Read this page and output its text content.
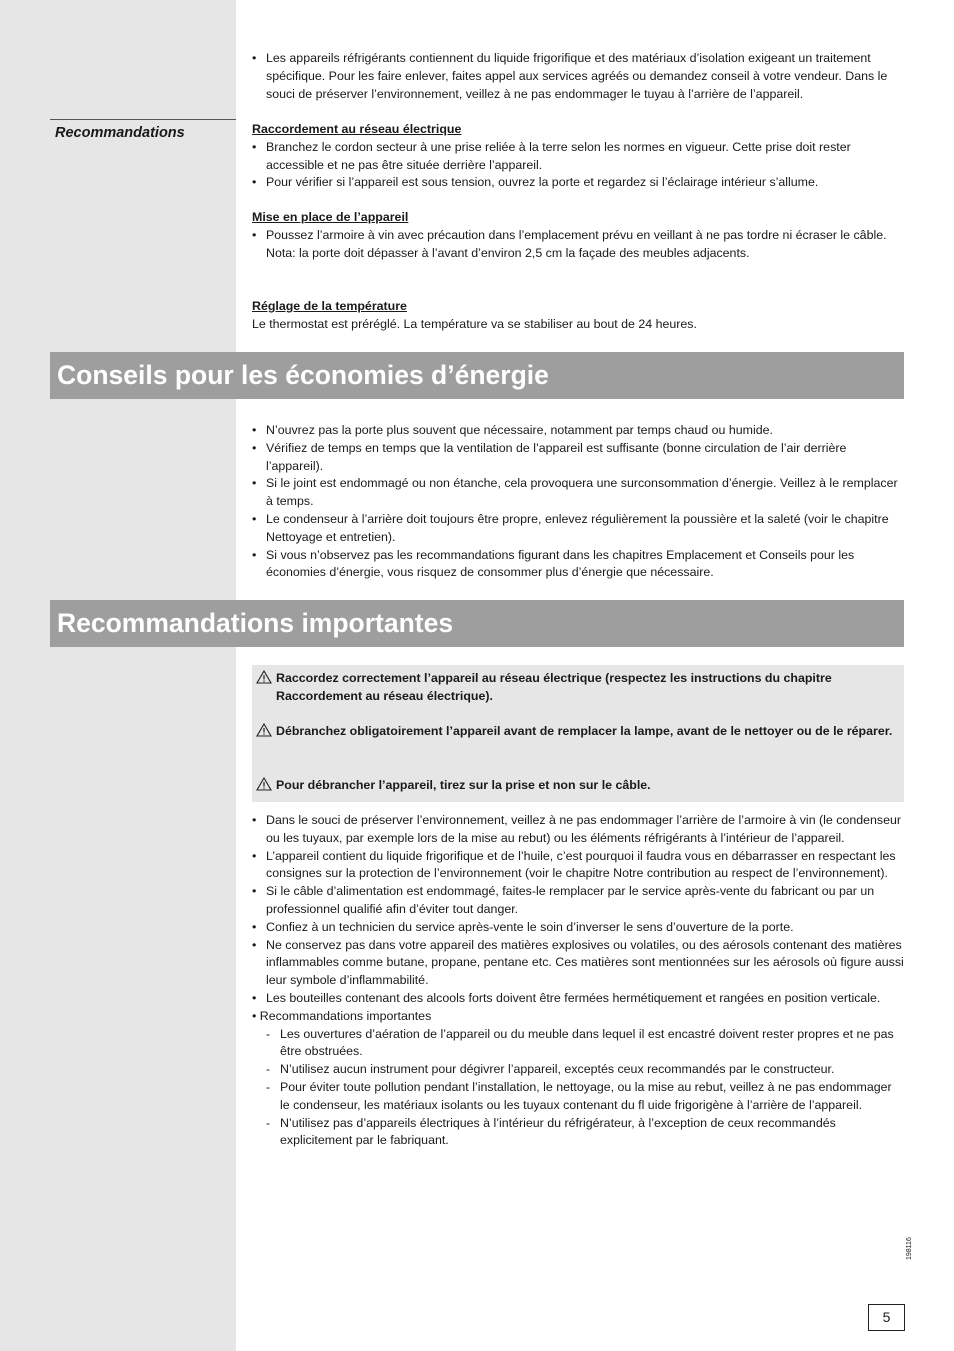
• Les appareils réfrigérants contiennent du liquide frigorifique et des matériaux d’isolation exigeant un traitement spécifique. Pour les faire enlever, faites appel aux services agréés ou demandez conseil à votre vendeur. Dans le souci de préserver l’environnement, veillez à ne pas endommager le tuyau à l’arrière de l’appareil.
Recommandations	Raccordement au réseau électrique

• Branchez le cordon secteur à une prise reliée à la terre selon les normes en vigueur. Cette prise doit rester accessible et ne pas être située derrière l’appareil.
• Pour vérifier si l’appareil est sous tension, ouvrez la porte et regardez si l’éclairage intérieur s’allume.

Mise en place de l’appareil

• Poussez l’armoire à vin avec précaution dans l’emplacement prévu en veillant à ne pas tordre ni écraser le câble.
Nota: la porte doit dépasser à l’avant d’environ 2,5 cm la façade des meubles adjacents.

Réglage de la température

Le thermostat est préréglé. La température va se stabiliser au bout de 24 heures.

Conseils pour les économies d’énergie
• N’ouvrez pas la porte plus souvent que nécessaire, notamment par temps chaud ou humide.
• Vérifiez de temps en temps que la ventilation de l’appareil est suffisante (bonne circulation de l’air derrière l’appareil).
• Si le joint est endommagé ou non étanche, cela provoquera une surconsommation d’énergie. Veillez à le remplacer à temps.
• Le condenseur à l’arrière doit toujours être propre, enlevez régulièrement la poussière et la saleté (voir le chapitre Nettoyage et entretien).
• Si vous n’observez pas les recommandations figurant dans les chapitres Emplacement et Conseils pour les économies d’énergie, vous risquez de consommer plus d’énergie que nécessaire.
Recommandations importantes
Raccordez correctement l’appareil au réseau électrique (respectez les instructions du chapitre Raccordement au réseau électrique).
Débranchez obligatoirement l’appareil avant de remplacer la lampe, avant de le nettoyer ou de le réparer.
Pour débrancher l’appareil, tirez sur la prise et non sur le câble.
• Dans le souci de préserver l’environnement, veillez à ne pas endommager l’arrière de l’armoire à vin (le condenseur ou les tuyaux, par exemple lors de la mise au rebut) ou les éléments réfrigérants à l’intérieur de l’appareil.
• L’appareil contient du liquide frigorifique et de l’huile, c’est pourquoi il faudra vous en débarrasser en respectant les consignes sur la protection de l’environnement (voir le chapitre Notre contribution au respect de l’environnement).
• Si le câble d’alimentation est endommagé, faites-le remplacer par le service après-vente du fabricant ou par un professionnel qualifié afin d’éviter tout danger.
• Confiez à un technicien du service après-vente le soin d’inverser le sens d’ouverture de la porte.
• Ne conservez pas dans votre appareil des matières explosives ou volatiles, ou des aérosols contenant des matières inflammables comme butane, propane, pentane etc. Ces matières sont mentionnées sur les aérosols où figure aussi leur symbole d’inflammabilité.
• Les bouteilles contenant des alcools forts doivent être fermées hermétiquement et rangées en position verticale.

• Recommandations importantes

- Les ouvertures d’aération de l’appareil ou du meuble dans lequel il est encastré doivent rester propres et ne pas être obstruées.
- N’utilisez aucun instrument pour dégivrer l’appareil, exceptés ceux recommandés par le constructeur.
- Pour éviter toute pollution pendant l’installation, le nettoyage, ou la mise au rebut, veillez à ne pas endommager le condenseur, les matériaux isolants ou les tuyaux contenant du fl uide frigorigène à l’arrière de l’appareil.
- N’utilisez pas d’appareils électriques à l’intérieur du réfrigérateur, à l’exception de ceux recommandés explicitement par le fabriquant.
198116
5
